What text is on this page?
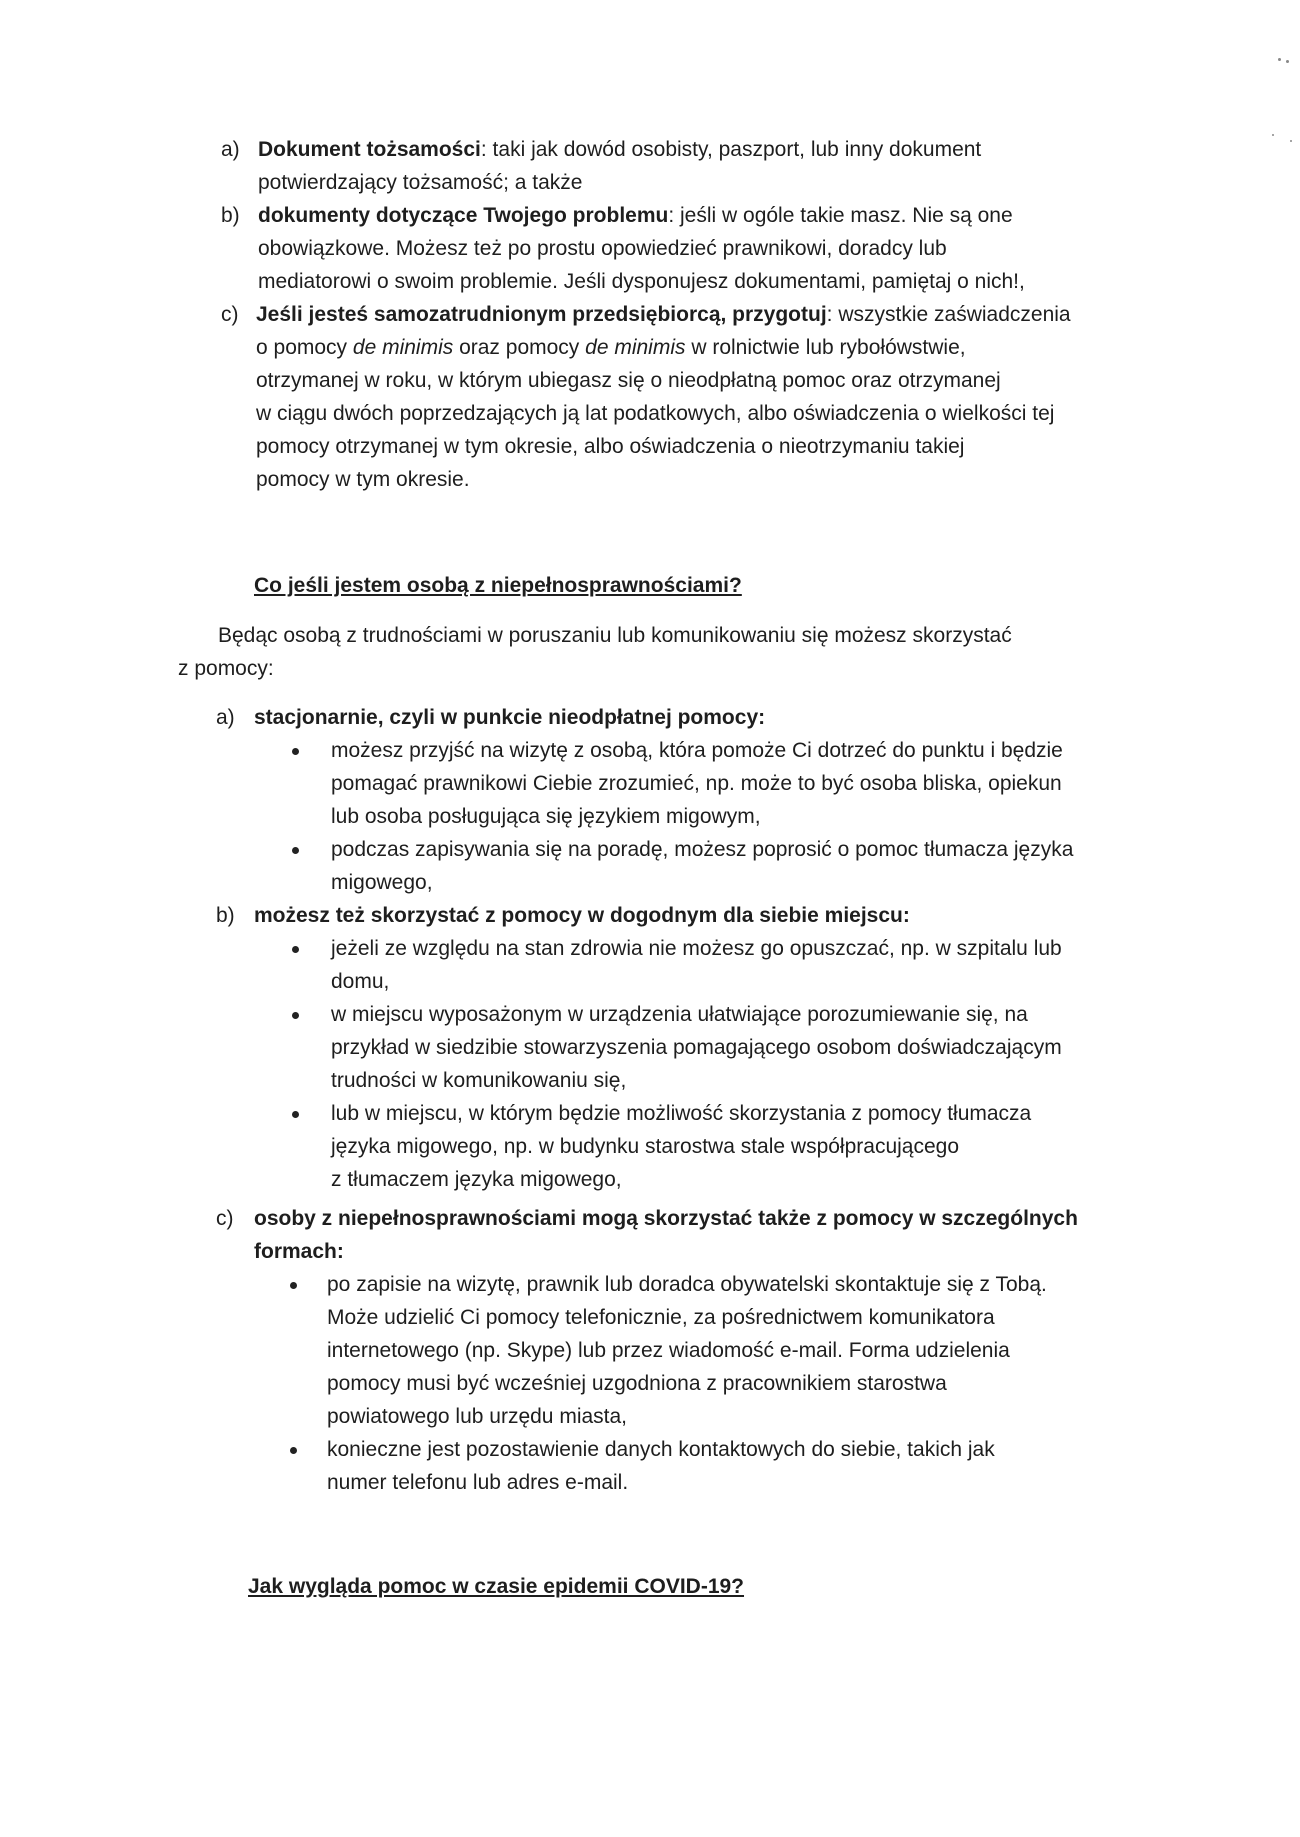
a) Dokument tożsamości: taki jak dowód osobisty, paszport, lub inny dokument
potwierdzający tożsamość; a także
b) dokumenty dotyczące Twojego problemu: jeśli w ogóle takie masz. Nie są one
obowiązkowe. Możesz też po prostu opowiedzieć prawnikowi, doradcy lub
mediatorowi o swoim problemie. Jeśli dysponujesz dokumentami, pamiętaj o nich!,
c) Jeśli jesteś samozatrudnionym przedsiębiorcą, przygotuj: wszystkie zaświadczenia
o pomocy de minimis oraz pomocy de minimis w rolnictwie lub rybołówstwie,
otrzymanej w roku, w którym ubiegasz się o nieodpłatną pomoc oraz otrzymanej
w ciągu dwóch poprzedzających ją lat podatkowych, albo oświadczenia o wielkości tej
pomocy otrzymanej w tym okresie, albo oświadczenia o nieotrzymaniu takiej
pomocy w tym okresie.
Co jeśli jestem osobą z niepełnosprawnościami?
Będąc osobą z trudnościami w poruszaniu lub komunikowaniu się możesz skorzystać
z pomocy:
a) stacjonarnie, czyli w punkcie nieodpłatnej pomocy:
możesz przyjść na wizytę z osobą, która pomoże Ci dotrzeć do punktu i będzie
pomagać prawnikowi Ciebie zrozumieć, np. może to być osoba bliska, opiekun
lub osoba posługująca się językiem migowym,
podczas zapisywania się na poradę, możesz poprosić o pomoc tłumacza języka
migowego,
b) możesz też skorzystać z pomocy w dogodnym dla siebie miejscu:
jeżeli ze względu na stan zdrowia nie możesz go opuszczać, np. w szpitalu lub
domu,
w miejscu wyposażonym w urządzenia ułatwiające porozumiewanie się, na
przykład w siedzibie stowarzyszenia pomagającego osobom doświadczającym
trudności w komunikowaniu się,
lub w miejscu, w którym będzie możliwość skorzystania z pomocy tłumacza
języka migowego, np. w budynku starostwa stale współpracującego
z tłumaczem języka migowego,
c) osoby z niepełnosprawnościami mogą skorzystać także z pomocy w szczególnych
formach:
po zapisie na wizytę, prawnik lub doradca obywatelski skontaktuje się z Tobą.
Może udzielić Ci pomocy telefonicznie, za pośrednictwem komunikatora
internetowego (np. Skype) lub przez wiadomość e-mail. Forma udzielenia
pomocy musi być wcześniej uzgodniona z pracownikiem starostwa
powiatowego lub urzędu miasta,
konieczne jest pozostawienie danych kontaktowych do siebie, takich jak
numer telefonu lub adres e-mail.
Jak wygląda pomoc w czasie epidemii COVID-19?
